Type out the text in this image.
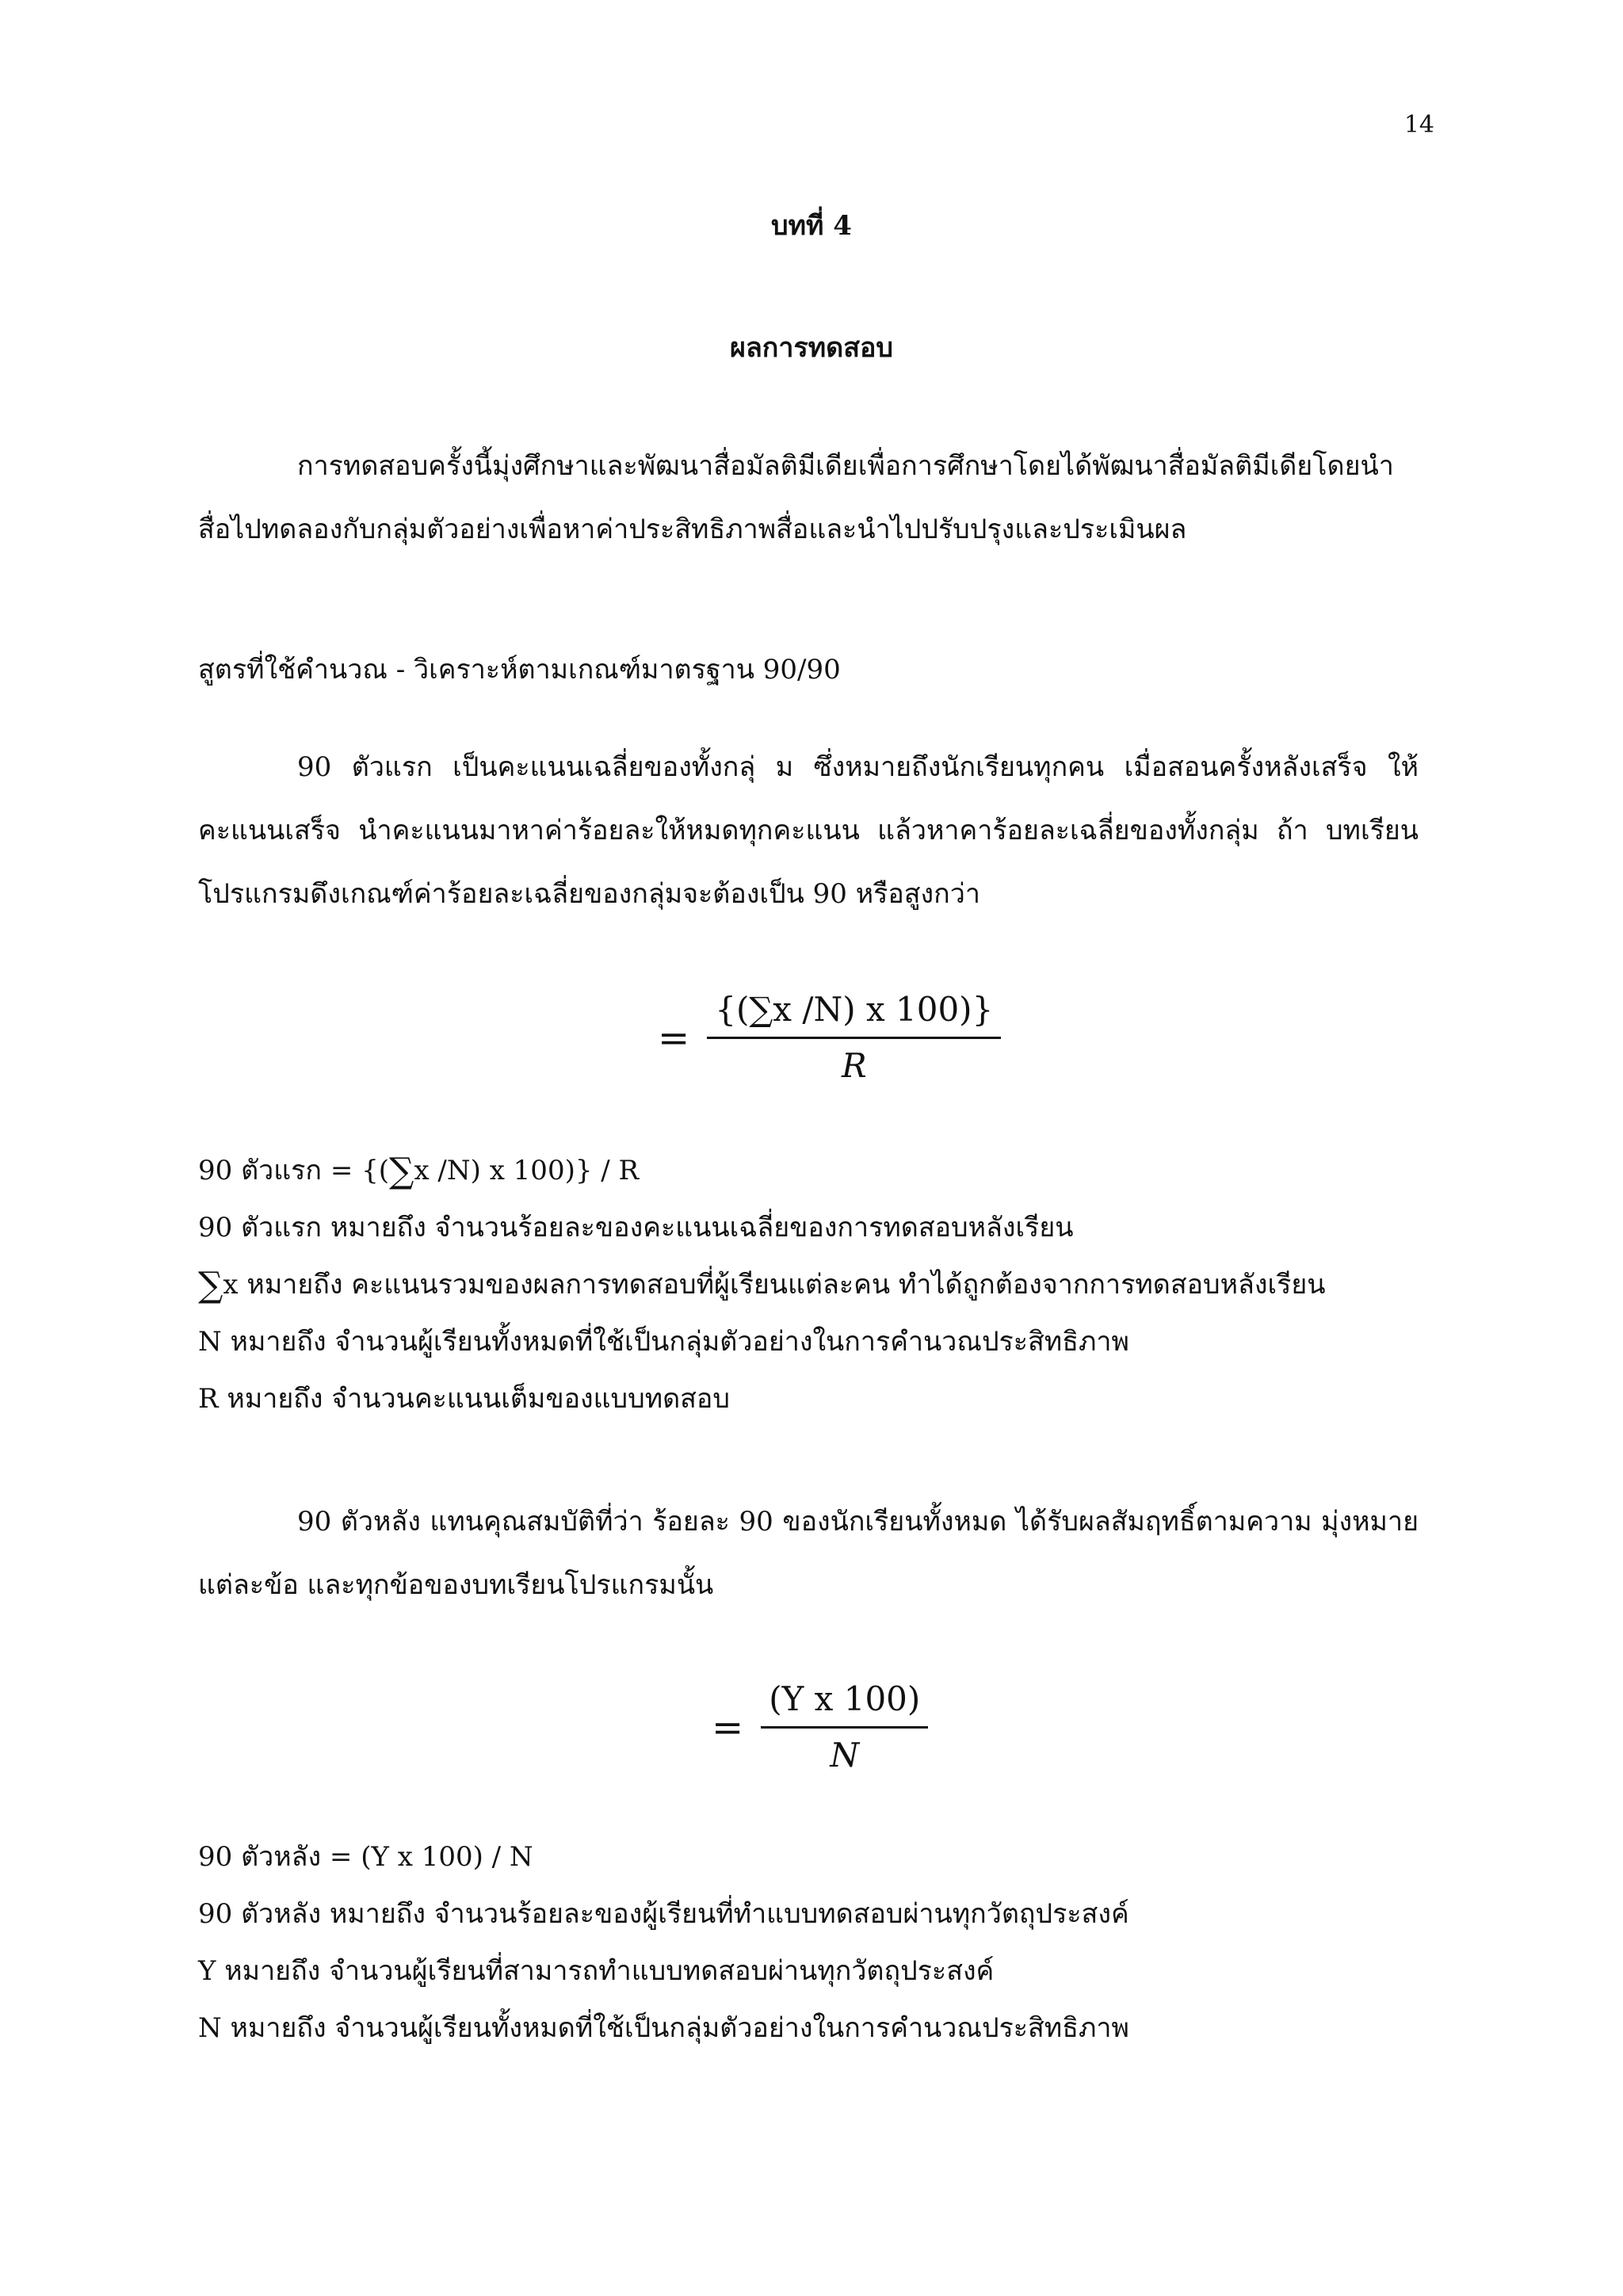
14
บทที่ 4
ผลการทดสอบ

การทดสอบครั้งนี้มุ่งศึกษาและพัฒนาสื่อมัลติมีเดียเพื่อการศึกษาโดยได้พัฒนาสื่อมัลติมีเดียโดยนำสื่อไปทดลองกับกลุ่มตัวอย่างเพื่อหาค่าประสิทธิภาพสื่อและนำไปปรับปรุงและประเมินผล

สูตรที่ใช้คำนวณ - วิเคราะห์ตามเกณฑ์มาตรฐาน 90/90

90 ตัวแรก เป็นคะแนนเฉลี่ยของทั้งกลุ่ ม ซึ่งหมายถึงนักเรียนทุกคน เมื่อสอนครั้งหลังเสร็จ ให้คะแนนเสร็จ นำคะแนนมาหาค่าร้อยละให้หมดทุกคะแนน แล้วหาคาร้อยละเฉลี่ยของทั้งกลุ่ม ถ้า บทเรียนโปรแกรมดึงเกณฑ์ค่าร้อยละเฉลี่ยของกลุ่มจะต้องเป็น 90 หรือสูงกว่า

= $\frac{\{(\sum x /N) x 100)\}}{R}$

90 ตัวแรก = {(∑x /N) x 100)} / R

90 ตัวแรก หมายถึง จำนวนร้อยละของคะแนนเฉลี่ยของการทดสอบหลังเรียน

∑x หมายถึง คะแนนรวมของผลการทดสอบที่ผู้เรียนแต่ละคน ทำได้ถูกต้องจากการทดสอบหลังเรียน

N หมายถึง จำนวนผู้เรียนทั้งหมดที่ใช้เป็นกลุ่มตัวอย่างในการคำนวณประสิทธิภาพ

R หมายถึง จำนวนคะแนนเต็มของแบบทดสอบ

90 ตัวหลัง แทนคุณสมบัติที่ว่า ร้อยละ 90 ของนักเรียนทั้งหมด ได้รับผลสัมฤทธิ์ตามความ มุ่งหมายแต่ละข้อ และทุกข้อของบทเรียนโปรแกรมนั้น

= $\frac{\text{(Y x 100)}}{N}$

90 ตัวหลัง = (Y x 100) / N

90 ตัวหลัง หมายถึง จำนวนร้อยละของผู้เรียนที่ทำแบบทดสอบผ่านทุกวัตถุประสงค์

Y หมายถึง จำนวนผู้เรียนที่สามารถทำแบบทดสอบผ่านทุกวัตถุประสงค์

N หมายถึง จำนวนผู้เรียนทั้งหมดที่ใช้เป็นกลุ่มตัวอย่างในการคำนวณประสิทธิภาพ
